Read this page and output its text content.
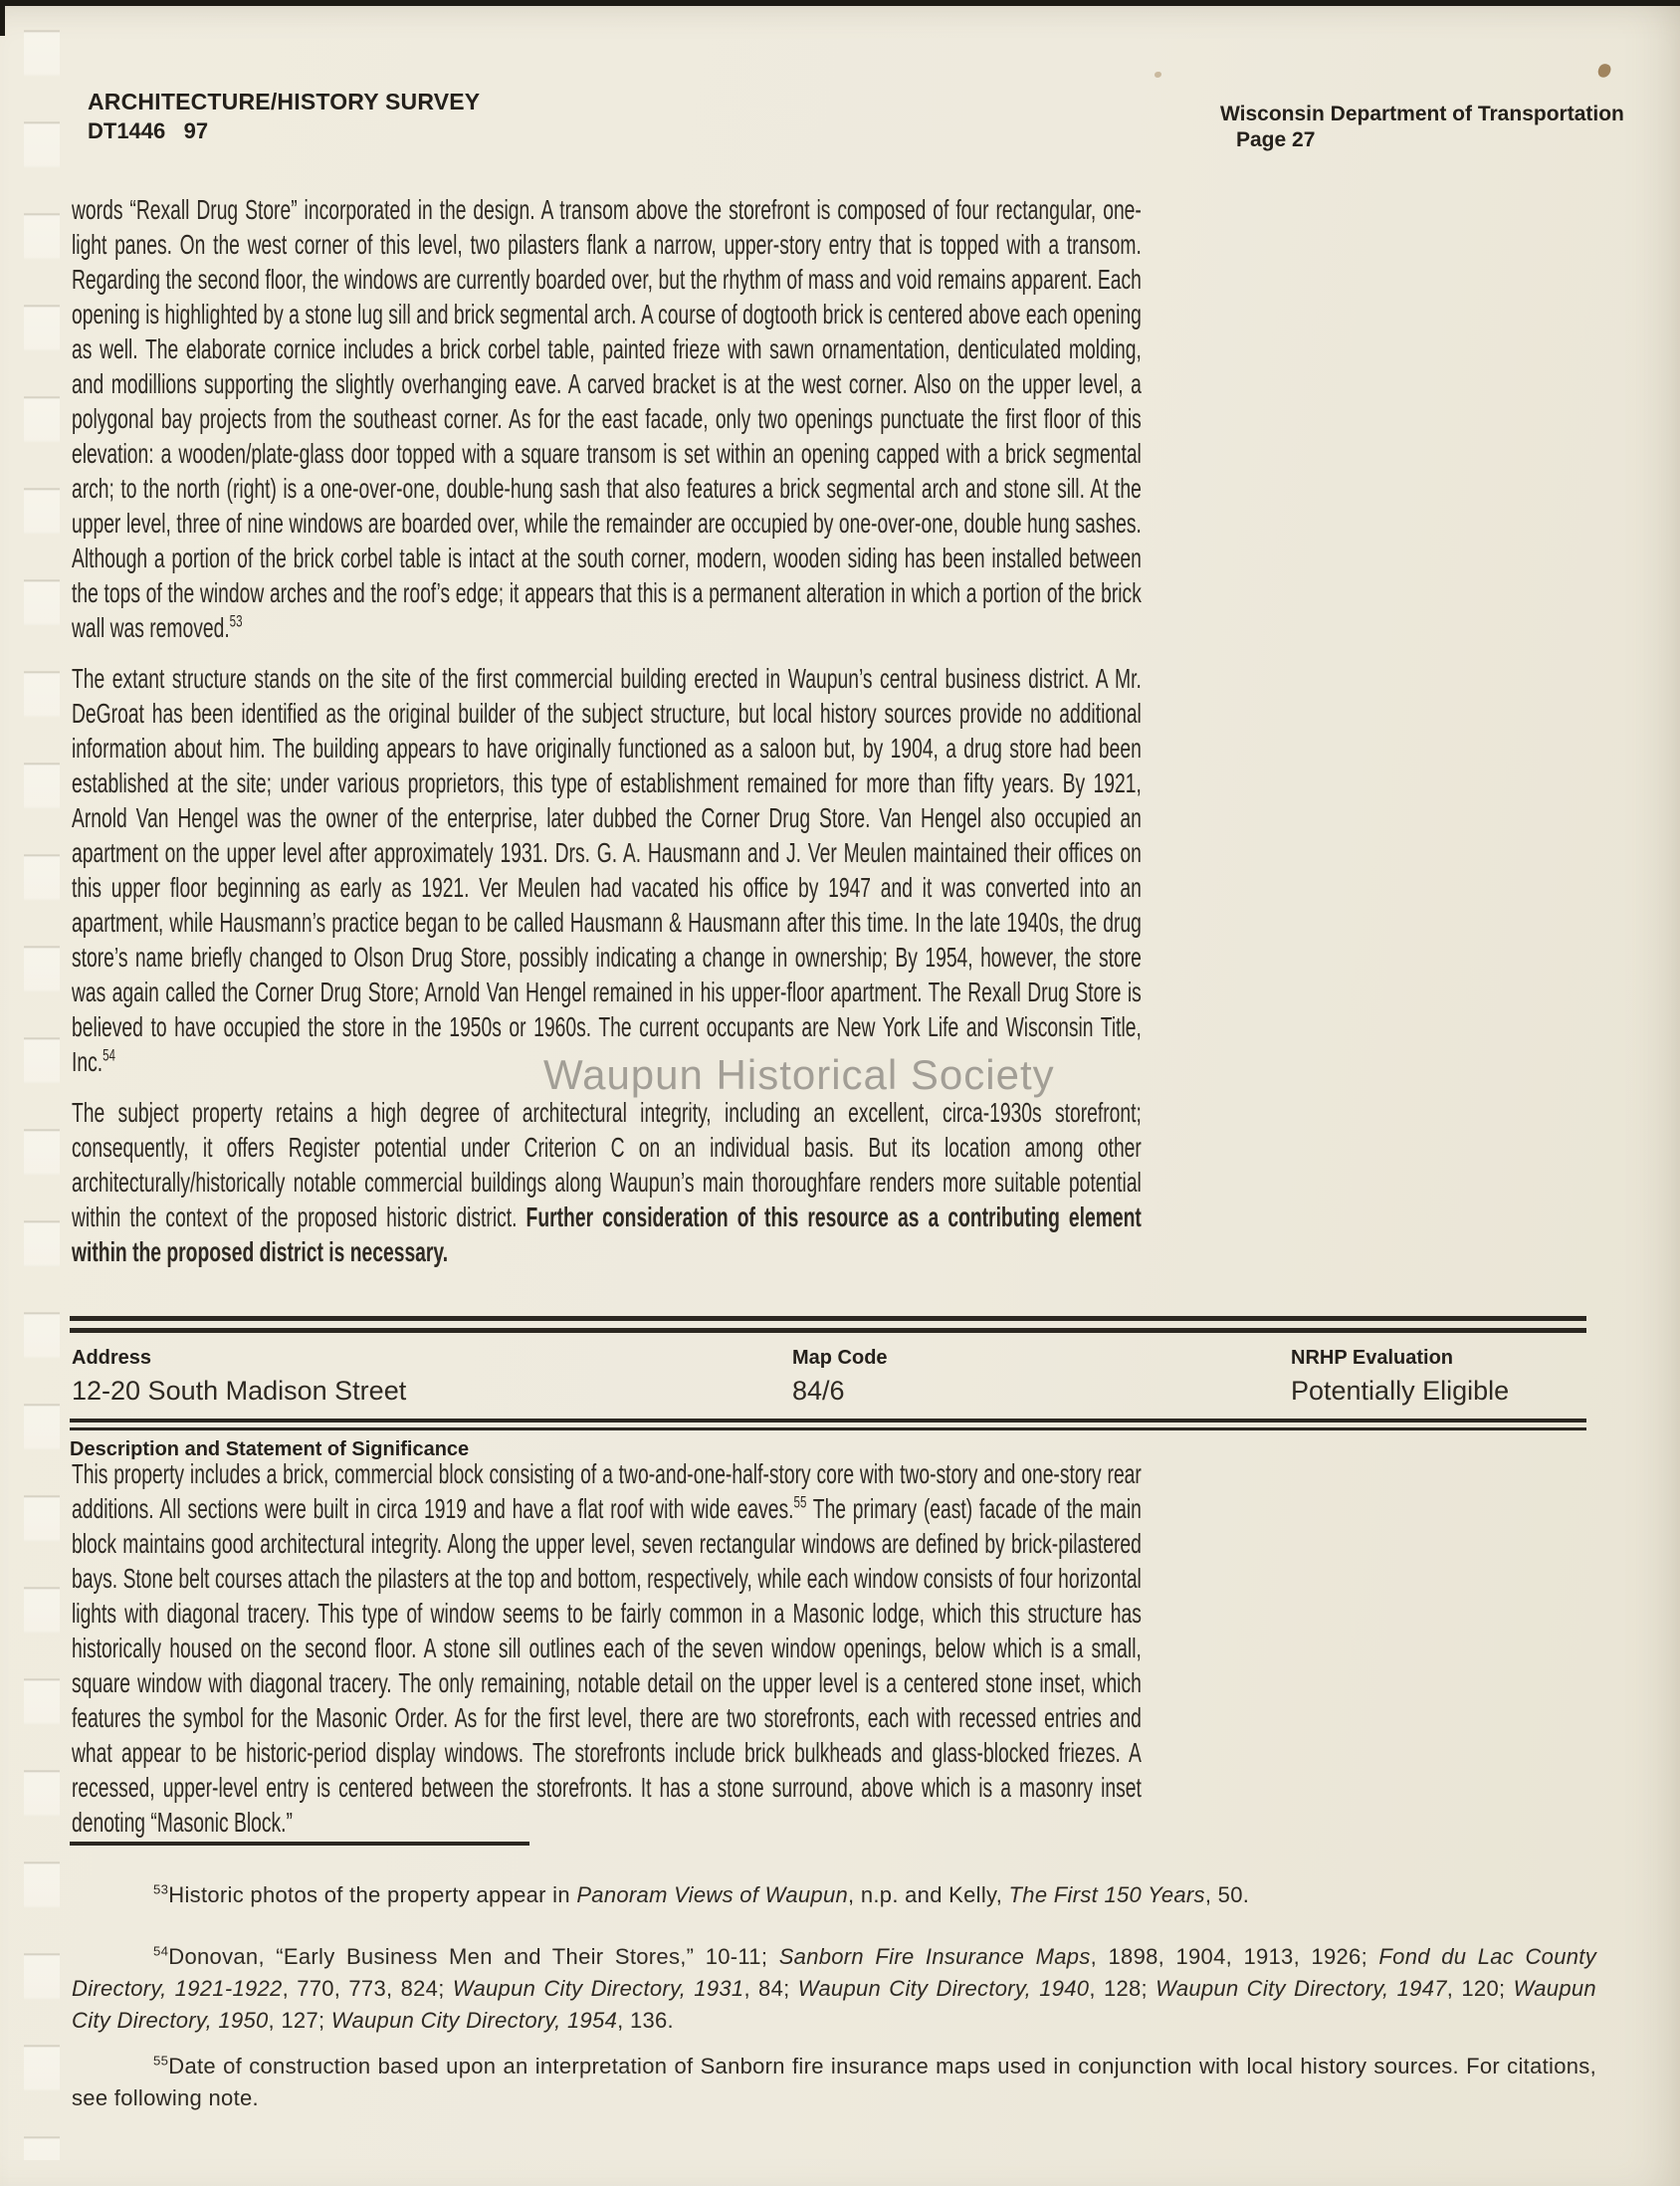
ARCHITECTURE/HISTORY SURVEY
DT1446   97
Wisconsin Department of Transportation
Page 27
words “Rexall Drug Store” incorporated in the design. A transom above the storefront is composed of four rectangular, one-light panes. On the west corner of this level, two pilasters flank a narrow, upper-story entry that is topped with a transom. Regarding the second floor, the windows are currently boarded over, but the rhythm of mass and void remains apparent. Each opening is highlighted by a stone lug sill and brick segmental arch. A course of dogtooth brick is centered above each opening as well. The elaborate cornice includes a brick corbel table, painted frieze with sawn ornamentation, denticulated molding, and modillions supporting the slightly overhanging eave. A carved bracket is at the west corner. Also on the upper level, a polygonal bay projects from the southeast corner. As for the east facade, only two openings punctuate the first floor of this elevation: a wooden/plate-glass door topped with a square transom is set within an opening capped with a brick segmental arch; to the north (right) is a one-over-one, double-hung sash that also features a brick segmental arch and stone sill. At the upper level, three of nine windows are boarded over, while the remainder are occupied by one-over-one, double hung sashes. Although a portion of the brick corbel table is intact at the south corner, modern, wooden siding has been installed between the tops of the window arches and the roof’s edge; it appears that this is a permanent alteration in which a portion of the brick wall was removed.$^{53}$
The extant structure stands on the site of the first commercial building erected in Waupun’s central business district. A Mr. DeGroat has been identified as the original builder of the subject structure, but local history sources provide no additional information about him. The building appears to have originally functioned as a saloon but, by 1904, a drug store had been established at the site; under various proprietors, this type of establishment remained for more than fifty years. By 1921, Arnold Van Hengel was the owner of the enterprise, later dubbed the Corner Drug Store. Van Hengel also occupied an apartment on the upper level after approximately 1931. Drs. G. A. Hausmann and J. Ver Meulen maintained their offices on this upper floor beginning as early as 1921. Ver Meulen had vacated his office by 1947 and it was converted into an apartment, while Hausmann’s practice began to be called Hausmann & Hausmann after this time. In the late 1940s, the drug store’s name briefly changed to Olson Drug Store, possibly indicating a change in ownership; By 1954, however, the store was again called the Corner Drug Store; Arnold Van Hengel remained in his upper-floor apartment. The Rexall Drug Store is believed to have occupied the store in the 1950s or 1960s. The current occupants are New York Life and Wisconsin Title, Inc.$^{54}$	Waupun Historical Society
The subject property retains a high degree of architectural integrity, including an excellent, circa-1930s storefront; consequently, it offers Register potential under Criterion C on an individual basis. But its location among other architecturally/historically notable commercial buildings along Waupun’s main thoroughfare renders more suitable potential within the context of the proposed historic district. Further consideration of this resource as a contributing element within the proposed district is necessary.
Address
12-20 South Madison Street
Map Code
84/6
NRHP Evaluation
Potentially Eligible
Description and Statement of Significance
This property includes a brick, commercial block consisting of a two-and-one-half-story core with two-story and one-story rear additions. All sections were built in circa 1919 and have a flat roof with wide eaves.$^{55}$ The primary (east) facade of the main block maintains good architectural integrity. Along the upper level, seven rectangular windows are defined by brick-pilastered bays. Stone belt courses attach the pilasters at the top and bottom, respectively, while each window consists of four horizontal lights with diagonal tracery. This type of window seems to be fairly common in a Masonic lodge, which this structure has historically housed on the second floor. A stone sill outlines each of the seven window openings, below which is a small, square window with diagonal tracery. The only remaining, notable detail on the upper level is a centered stone inset, which features the symbol for the Masonic Order. As for the first level, there are two storefronts, each with recessed entries and what appear to be historic-period display windows. The storefronts include brick bulkheads and glass-blocked friezes. A recessed, upper-level entry is centered between the storefronts. It has a stone surround, above which is a masonry inset denoting “Masonic Block.”
$^{53}$Historic photos of the property appear in Panoram Views of Waupun, n.p. and Kelly, The First 150 Years, 50.
$^{54}$Donovan, “Early Business Men and Their Stores,” 10-11; Sanborn Fire Insurance Maps, 1898, 1904, 1913, 1926; Fond du Lac County Directory, 1921-1922, 770, 773, 824; Waupun City Directory, 1931, 84; Waupun City Directory, 1940, 128; Waupun City Directory, 1947, 120; Waupun City Directory, 1950, 127; Waupun City Directory, 1954, 136.
$^{55}$Date of construction based upon an interpretation of Sanborn fire insurance maps used in conjunction with local history sources. For citations, see following note.
